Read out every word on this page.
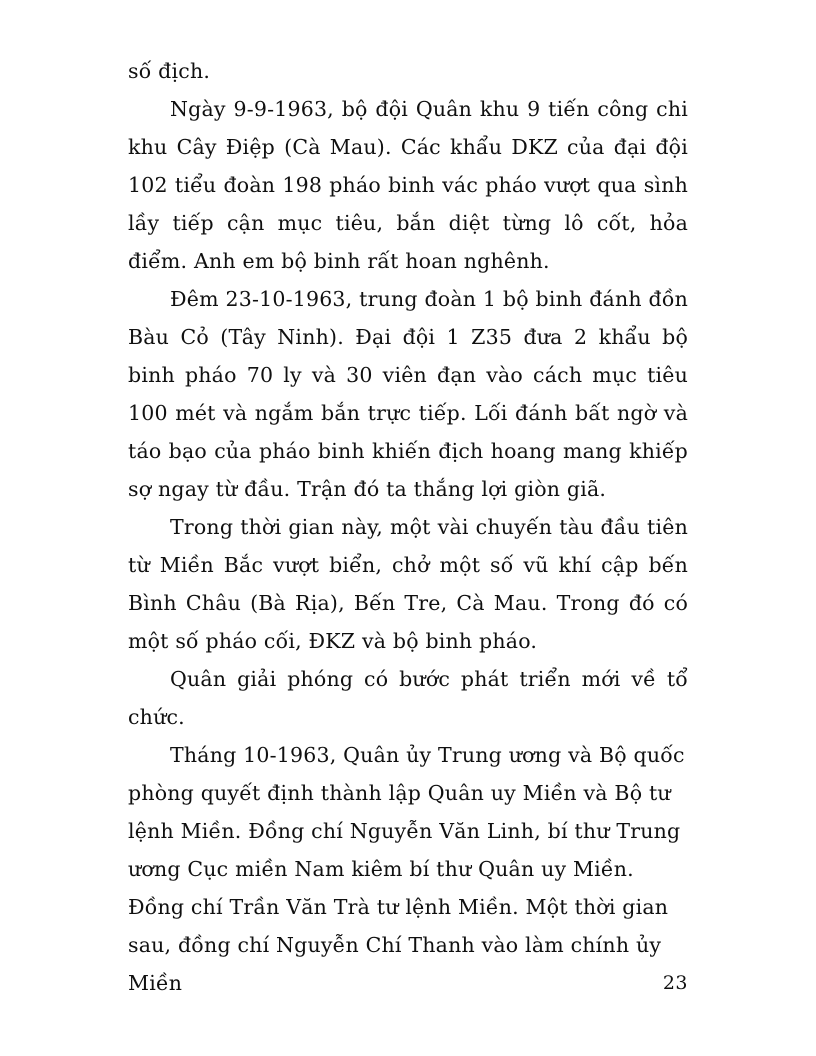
số địch.

Ngày 9-9-1963, bộ đội Quân khu 9 tiến công chi khu Cây Điệp (Cà Mau). Các khẩu DKZ của đại đội 102 tiểu đoàn 198 pháo binh vác pháo vượt qua sình lầy tiếp cận mục tiêu, bắn diệt từng lô cốt, hỏa điểm. Anh em bộ binh rất hoan nghênh.

Đêm 23-10-1963, trung đoàn 1 bộ binh đánh đồn Bàu Cỏ (Tây Ninh). Đại đội 1 Z35 đưa 2 khẩu bộ binh pháo 70 ly và 30 viên đạn vào cách mục tiêu 100 mét và ngắm bắn trực tiếp. Lối đánh bất ngờ và táo bạo của pháo binh khiến địch hoang mang khiếp sợ ngay từ đầu. Trận đó ta thắng lợi giòn giã.

Trong thời gian này, một vài chuyến tàu đầu tiên từ Miền Bắc vượt biển, chở một số vũ khí cập bến Bình Châu (Bà Rịa), Bến Tre, Cà Mau. Trong đó có một số pháo cối, ĐKZ và bộ binh pháo.

Quân giải phóng có bước phát triển mới về tổ chức.

Tháng 10-1963, Quân ủy Trung ương và Bộ quốc phòng quyết định thành lập Quân uy Miền và Bộ tư lệnh Miền. Đồng chí Nguyễn Văn Linh, bí thư Trung ương Cục miền Nam kiêm bí thư Quân uy Miền. Đồng chí Trần Văn Trà tư lệnh Miền. Một thời gian sau, đồng chí Nguyễn Chí Thanh vào làm chính ủy Miền	23
